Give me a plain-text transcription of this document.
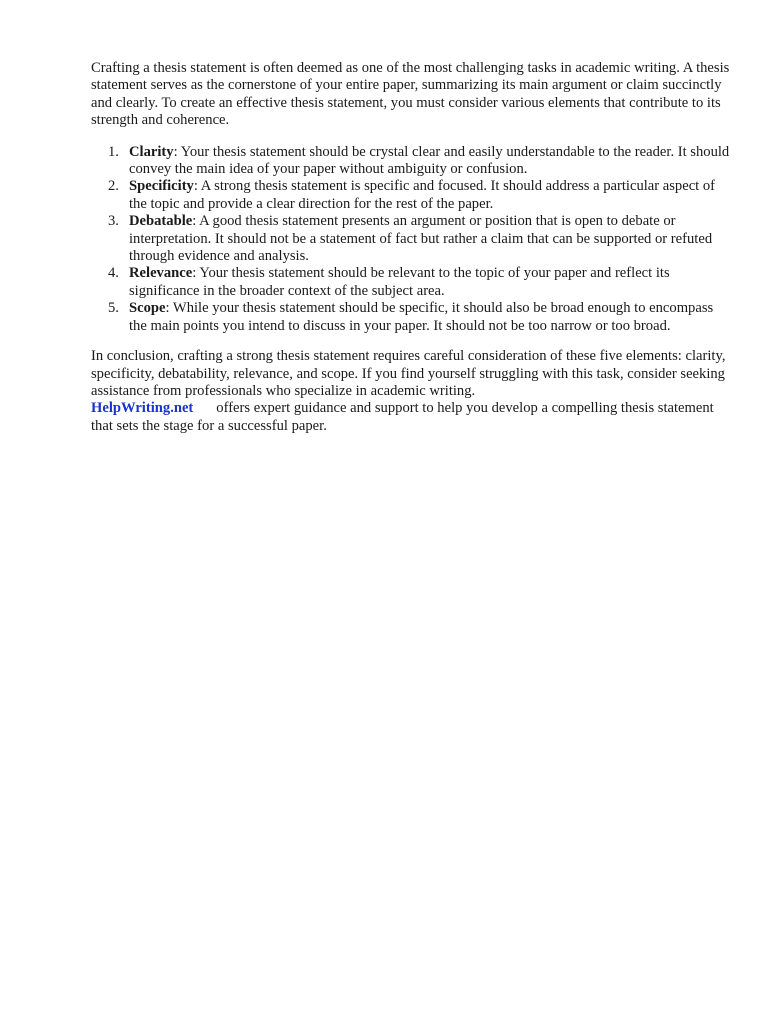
Crafting a thesis statement is often deemed as one of the most challenging tasks in academic writing. A thesis statement serves as the cornerstone of your entire paper, summarizing its main argument or claim succinctly and clearly. To create an effective thesis statement, you must consider various elements that contribute to its strength and coherence.

1. Clarity: Your thesis statement should be crystal clear and easily understandable to the reader. It should convey the main idea of your paper without ambiguity or confusion.
2. Specificity: A strong thesis statement is specific and focused. It should address a particular aspect of the topic and provide a clear direction for the rest of the paper.
3. Debatable: A good thesis statement presents an argument or position that is open to debate or interpretation. It should not be a statement of fact but rather a claim that can be supported or refuted through evidence and analysis.
4. Relevance: Your thesis statement should be relevant to the topic of your paper and reflect its significance in the broader context of the subject area.
5. Scope: While your thesis statement should be specific, it should also be broad enough to encompass the main points you intend to discuss in your paper. It should not be too narrow or too broad.

In conclusion, crafting a strong thesis statement requires careful consideration of these five elements: clarity, specificity, debatability, relevance, and scope. If you find yourself struggling with this task, consider seeking assistance from professionals who specialize in academic writing.
HelpWriting.net offers expert guidance and support to help you develop a compelling thesis statement that sets the stage for a successful paper.
